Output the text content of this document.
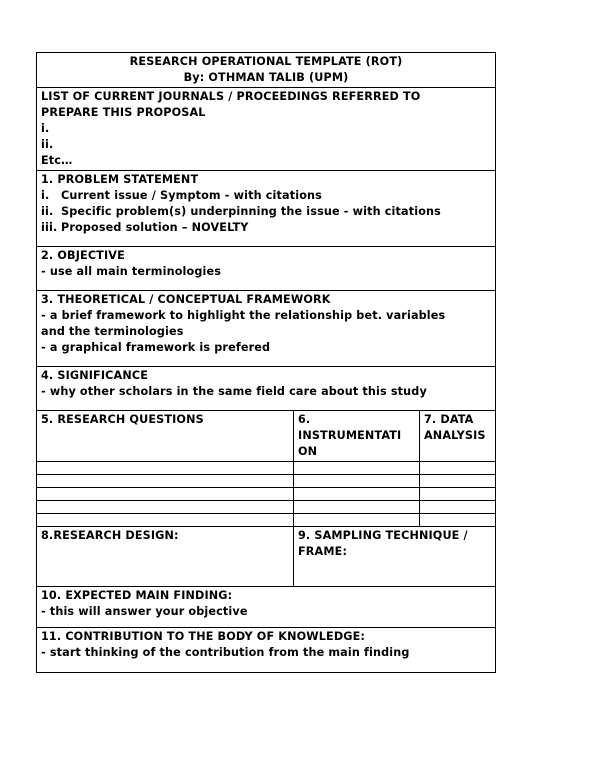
RESEARCH OPERATIONAL TEMPLATE (ROT)
By: OTHMAN TALIB (UPM)		

LIST OF CURRENT JOURNALS / PROCEEDINGS REFERRED TO
PREPARE THIS PROPOSAL
i.
ii.
Etc…		

1. PROBLEM STATEMENT
i. Current issue / Symptom - with citations
ii. Specific problem(s) underpinning the issue - with citations
iii. Proposed solution – NOVELTY		

2. OBJECTIVE
- use all main terminologies		

3. THEORETICAL / CONCEPTUAL FRAMEWORK
- a brief framework to highlight the relationship bet. variables
and the terminologies
- a graphical framework is prefered		

4. SIGNIFICANCE
- why other scholars in the same field care about this study		

5. RESEARCH QUESTIONS	6.
INSTRUMENTATI
ON	7. DATA
ANALYSIS

8.RESEARCH DESIGN:	9. SAMPLING TECHNIQUE /
FRAME:	

10. EXPECTED MAIN FINDING:
- this will answer your objective		

11. CONTRIBUTION TO THE BODY OF KNOWLEDGE:
- start thinking of the contribution from the main finding		
